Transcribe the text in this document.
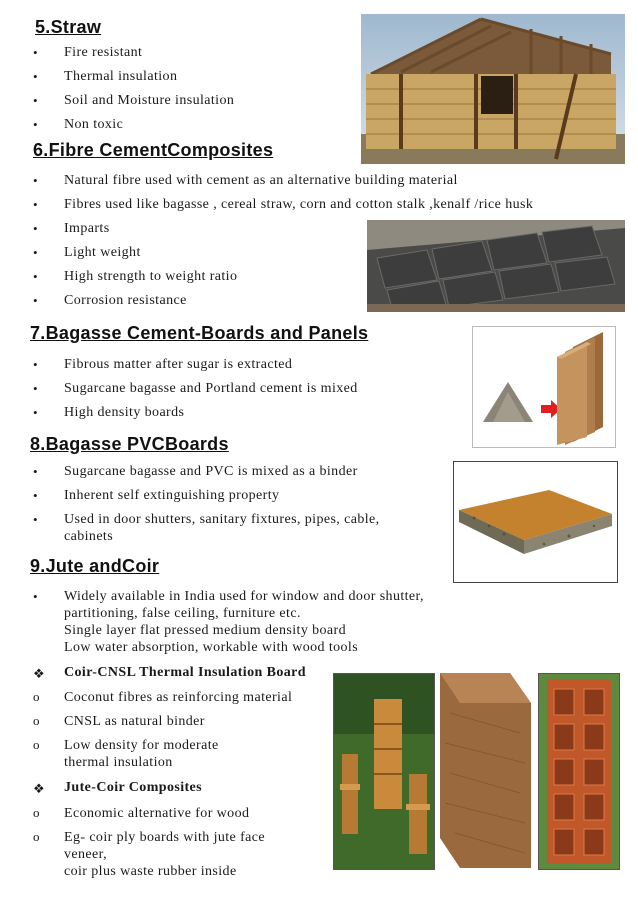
5.Straw
• Fire resistant
• Thermal insulation
• Soil and Moisture insulation
• Non toxic
6.Fibre CementComposites
• Natural fibre used with cement as an alternative building material
• Fibres used like bagasse , cereal straw, corn and cotton stalk ,kenalf /rice husk
• Imparts
• Light weight
• High strength to weight ratio
• Corrosion resistance
7.Bagasse Cement-Boards and Panels
• Fibrous matter after sugar is extracted
• Sugarcane bagasse and Portland cement is mixed
• High density boards
8.Bagasse PVCBoards
• Sugarcane bagasse and PVC is mixed as a binder
• Inherent self extinguishing property
• Used in door shutters, sanitary fixtures, pipes, cable,
cabinets
9.Jute andCoir
• Widely available in India used for window and door shutter,
partitioning, false ceiling, furniture etc.
Single layer flat pressed medium density board
Low water absorption, workable with wood tools
❖ Coir-CNSL Thermal Insulation Board
o Coconut fibres as reinforcing material
o CNSL as natural binder
o Low density for moderate
thermal insulation
❖ Jute-Coir Composites
o Economic alternative for wood
o Eg- coir ply boards with jute face
veneer,
coir plus waste rubber inside
